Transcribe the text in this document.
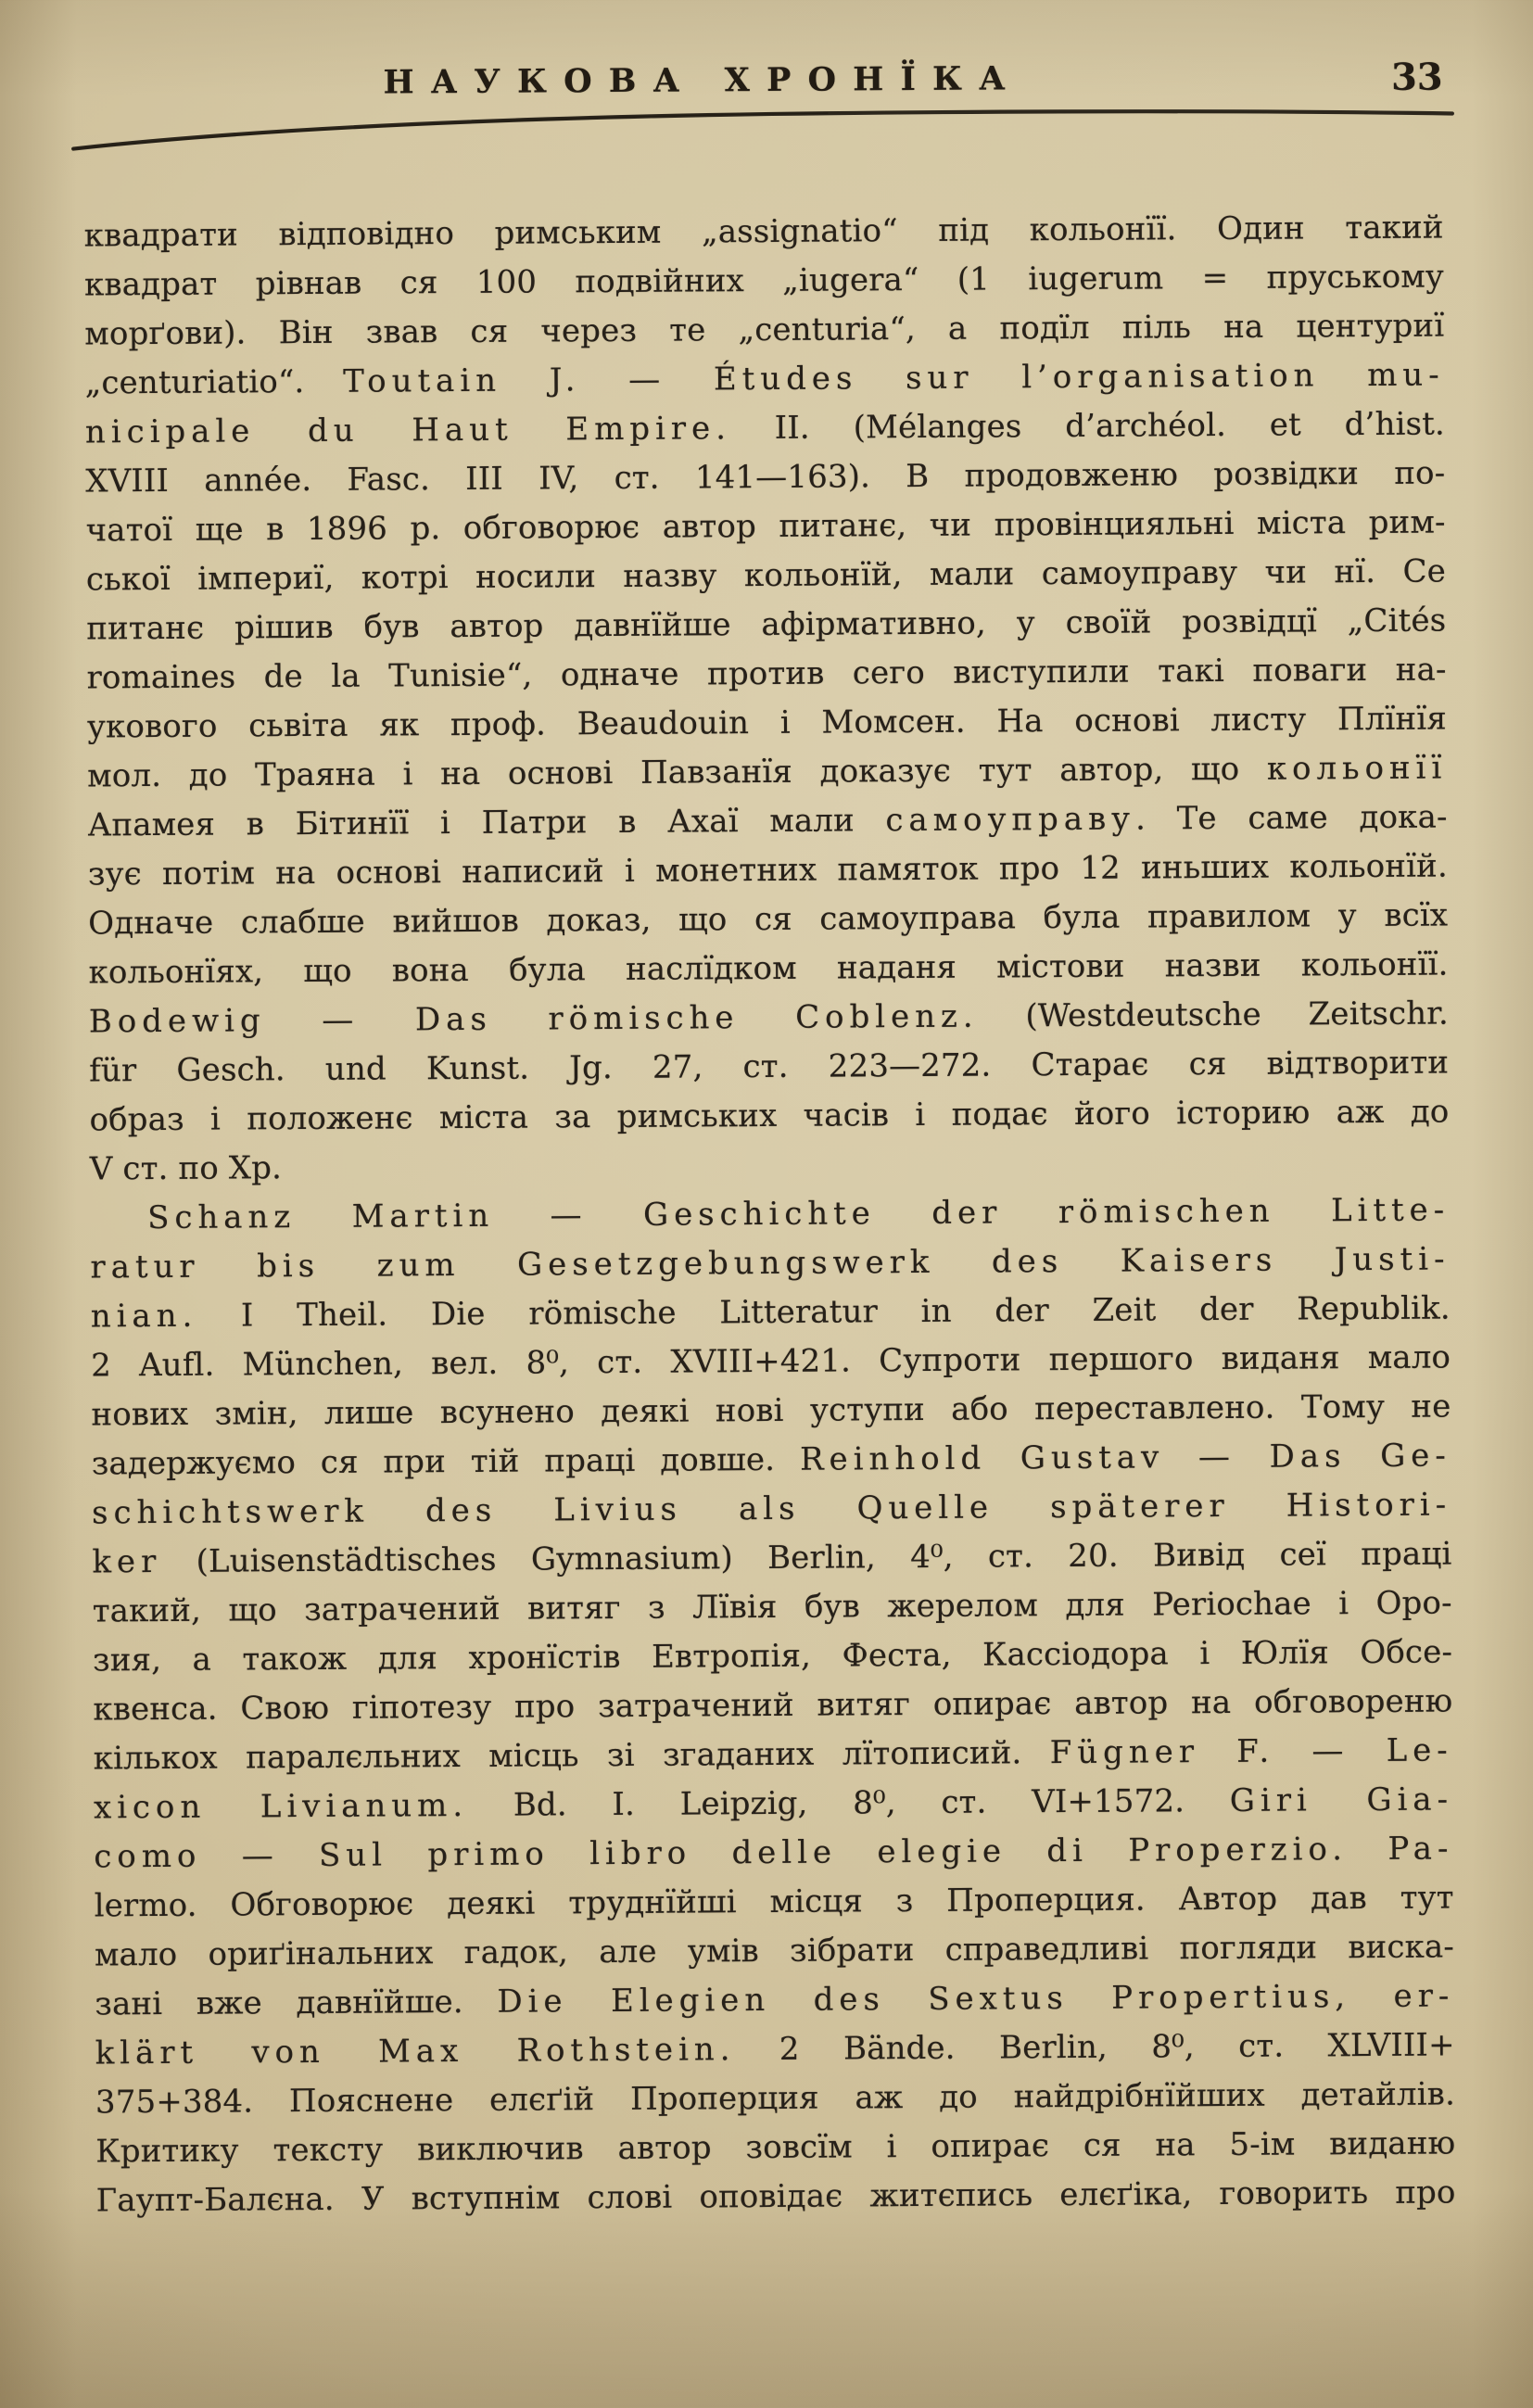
НАУКОВА ХРОНЇКА	33
квадрати відповідно римським „assignatio“ під кольонїї. Один такий
квадрат рівнав ся 100 подвійних „iugera“ (1 iugerum = пруському
морґови). Він звав ся через те „centuria“, а подїл піль на центуриї
„centuriatio“. Toutain J. — Études sur l’organisation mu-
nicipale du Haut Empire. II. (Mélanges d’archéol. et d’hist.
XVIII année. Fasc. III IV, ст. 141—163). В продовженю розвідки по-
чатої ще в 1896 р. обговорює автор питанє, чи провінцияльні міста рим-
ської імпериї, котрі носили назву кольонїй, мали самоуправу чи нї. Се
питанє рішив був автор давнїйше афірмативно, у своїй розвідцї „Cités
romaines de la Tunisie“, одначе против сего виступили такі поваги на-
укового сьвіта як проф. Beaudouin і Момсен. На основі листу Плїнїя
мол. до Траяна і на основі Павзанїя доказує тут автор, що кольонїї
Апамея в Бітинїї і Патри в Ахаї мали самоуправу. Те саме дока-
зує потім на основі написий і монетних памяток про 12 иньших кольонїй.
Одначе слабше вийшов доказ, що ся самоуправа була правилом у всїх
кольонїях, що вона була наслїдком наданя містови назви кольонїї.
Bodewig — Das römische Coblenz. (Westdeutsche Zeitschr.
für Gesch. und Kunst. Jg. 27, ст. 223—272. Старає ся відтворити
образ і положенє міста за римських часів і подає його історию аж до
V ст. по Хр.
Schanz Martin — Geschichte der römischen Litte-
ratur bis zum Gesetzgebungswerk des Kaisers Justi-
nian. I Theil. Die römische Litteratur in der Zeit der Republik.
2 Aufl. München, вел. 8⁰, ст. XVIII+421. Супроти першого виданя мало
нових змін, лише всунено деякі нові уступи або переставлено. Тому не
задержуємо ся при тій праці довше. Reinhold Gustav — Das Ge-
schichtswerk des Livius als Quelle späterer Histori-
ker (Luisenstädtisches Gymnasium) Berlin, 4⁰, ст. 20. Вивід сеї праці
такий, що затрачений витяг з Лївія був жерелом для Periochae і Оро-
зия, а також для хронїстів Евтропія, Феста, Кассіодора і Юлїя Обсе-
квенса. Свою гіпотезу про затрачений витяг опирає автор на обговореню
кількох паралєльних місць зі згаданих лїтописий. Fügner F. — Le-
xicon Livianum. Bd. I. Leipzig, 8⁰, ст. VI+1572. Giri Gia-
como — Sul primo libro delle elegie di Properzio. Pa-
lermo. Обговорює деякі труднїйші місця з Проперция. Автор дав тут
мало ориґінальних гадок, але умів зібрати справедливі погляди виска-
зані вже давнїйше. Die Elegien des Sextus Propertius, er-
klärt von Max Rothstein. 2 Bände. Berlin, 8⁰, ст. XLVIII+
375+384. Пояснене елєґій Проперция аж до найдрібнїйших детайлів.
Критику тексту виключив автор зовсїм і опирає ся на 5-ім виданю
Гаупт-Балєна. У вступнім слові оповідає житєпись елєґіка, говорить про
